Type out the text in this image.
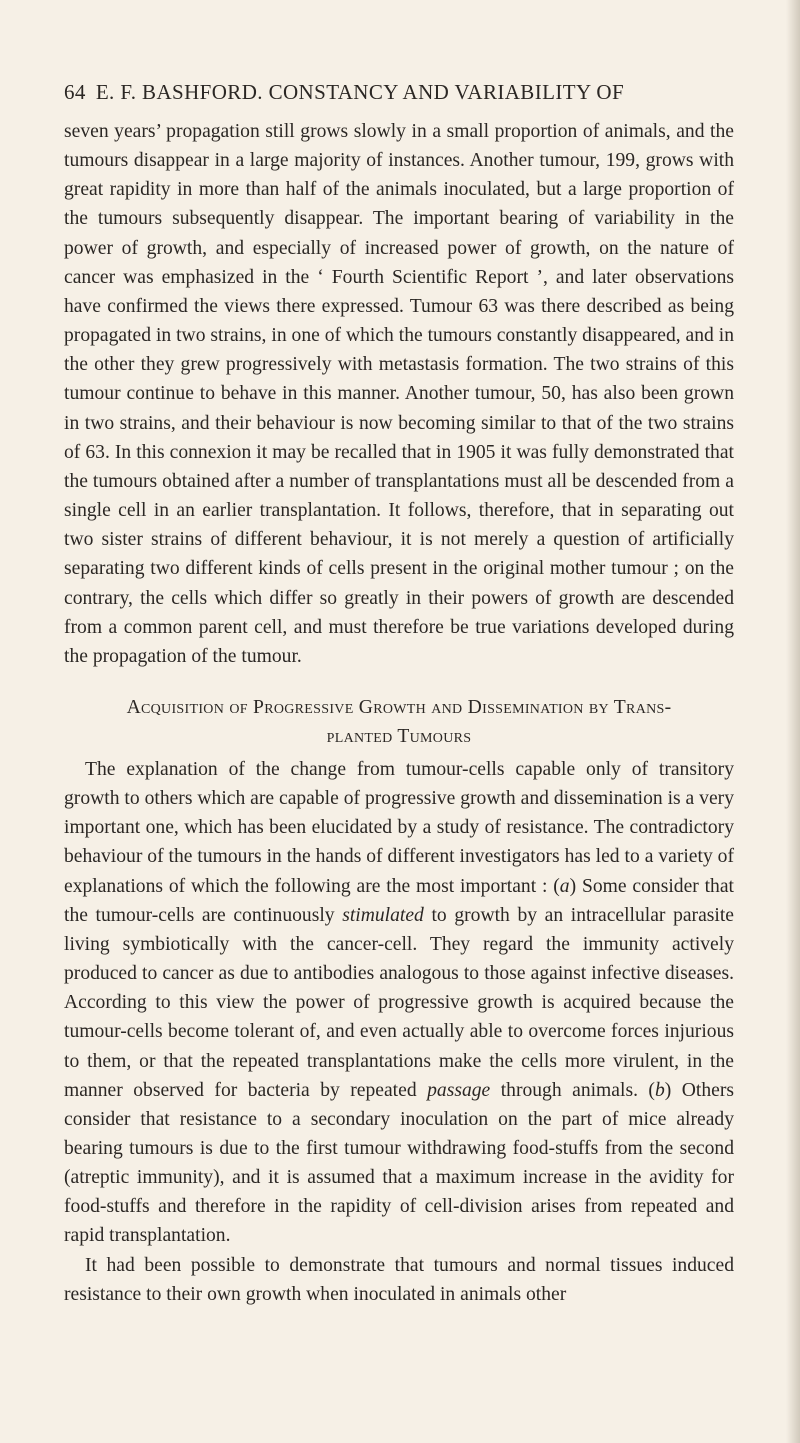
64 E. F. BASHFORD. CONSTANCY AND VARIABILITY OF

seven years’ propagation still grows slowly in a small proportion of animals, and the tumours disappear in a large majority of instances. Another tumour, 199, grows with great rapidity in more than half of the animals inoculated, but a large proportion of the tumours subsequently disappear. The important bearing of variability in the power of growth, and especially of increased power of growth, on the nature of cancer was emphasized in the ‘ Fourth Scientific Report ’, and later observations have confirmed the views there expressed. Tumour 63 was there described as being propagated in two strains, in one of which the tumours constantly disappeared, and in the other they grew progressively with metastasis formation. The two strains of this tumour continue to behave in this manner. Another tumour, 50, has also been grown in two strains, and their behaviour is now becoming similar to that of the two strains of 63. In this connexion it may be recalled that in 1905 it was fully demonstrated that the tumours obtained after a number of transplantations must all be descended from a single cell in an earlier transplantation. It follows, therefore, that in separating out two sister strains of different behaviour, it is not merely a question of artificially separating two different kinds of cells present in the original mother tumour ; on the contrary, the cells which differ so greatly in their powers of growth are descended from a common parent cell, and must therefore be true variations developed during the propagation of the tumour.

Acquisition of Progressive Growth and Dissemination by Trans-
planted Tumours

The explanation of the change from tumour-cells capable only of transitory growth to others which are capable of progressive growth and dissemination is a very important one, which has been elucidated by a study of resistance. The contradictory behaviour of the tumours in the hands of different investigators has led to a variety of explanations of which the following are the most important : (a) Some consider that the tumour-cells are continuously stimulated to growth by an intracellular parasite living symbiotically with the cancer-cell. They regard the immunity actively produced to cancer as due to antibodies analogous to those against infective diseases. According to this view the power of progressive growth is acquired because the tumour-cells become tolerant of, and even actually able to overcome forces injurious to them, or that the repeated transplantations make the cells more virulent, in the manner observed for bacteria by repeated passage through animals. (b) Others consider that resistance to a secondary inoculation on the part of mice already bearing tumours is due to the first tumour withdrawing food-stuffs from the second (atreptic immunity), and it is assumed that a maximum increase in the avidity for food-stuffs and therefore in the rapidity of cell-division arises from repeated and rapid transplantation.

It had been possible to demonstrate that tumours and normal tissues induced resistance to their own growth when inoculated in animals other
